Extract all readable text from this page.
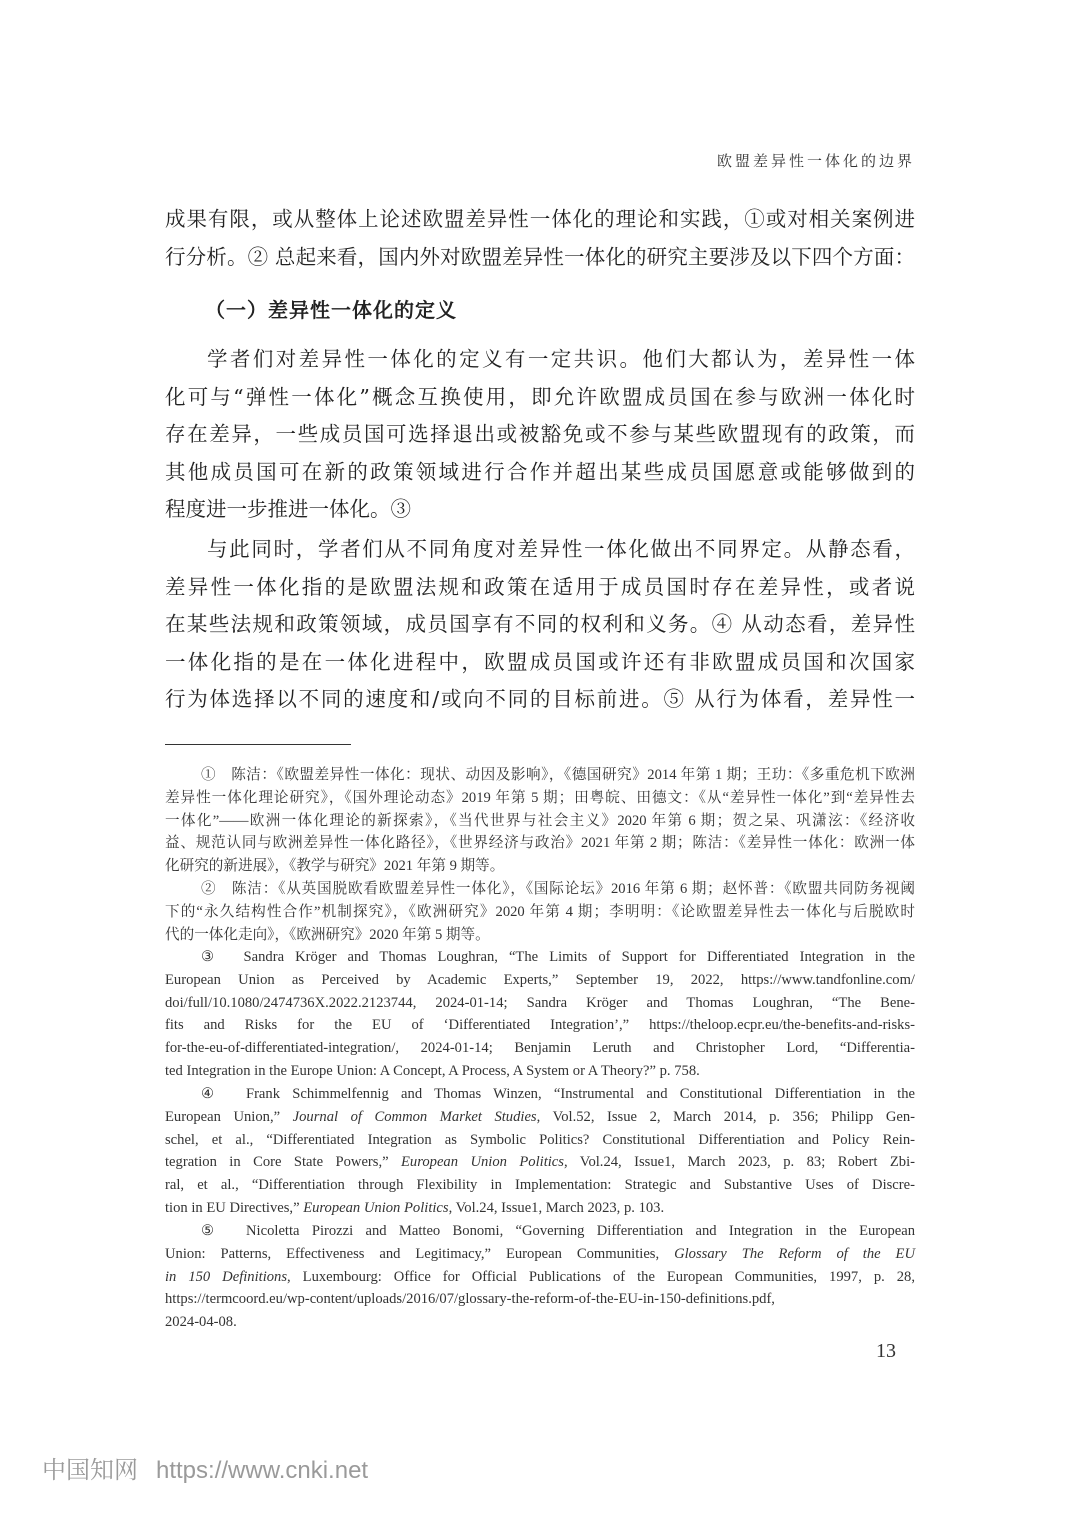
欧盟差异性一体化的边界
成果有限，或从整体上论述欧盟差异性一体化的理论和实践，①或对相关案例进
行分析。② 总起来看，国内外对欧盟差异性一体化的研究主要涉及以下四个方面：
（一）差异性一体化的定义
学者们对差异性一体化的定义有一定共识。他们大都认为，差异性一体
化可与“弹性一体化”概念互换使用，即允许欧盟成员国在参与欧洲一体化时
存在差异，一些成员国可选择退出或被豁免或不参与某些欧盟现有的政策，而
其他成员国可在新的政策领域进行合作并超出某些成员国愿意或能够做到的
程度进一步推进一体化。③
与此同时，学者们从不同角度对差异性一体化做出不同界定。从静态看，
差异性一体化指的是欧盟法规和政策在适用于成员国时存在差异性，或者说
在某些法规和政策领域，成员国享有不同的权利和义务。④ 从动态看，差异性
一体化指的是在一体化进程中，欧盟成员国或许还有非欧盟成员国和次国家
行为体选择以不同的速度和/或向不同的目标前进。⑤ 从行为体看，差异性一
①　陈洁：《欧盟差异性一体化：现状、动因及影响》，《德国研究》2014 年第 1 期；王玏：《多重危机下欧洲
差异性一体化理论研究》，《国外理论动态》2019 年第 5 期；田粤皖、田德文：《从“差异性一体化”到“差异性去
一体化”——欧洲一体化理论的新探索》，《当代世界与社会主义》2020 年第 6 期；贺之杲、巩潇泫：《经济收
益、规范认同与欧洲差异性一体化路径》，《世界经济与政治》2021 年第 2 期；陈洁：《差异性一体化：欧洲一体
化研究的新进展》，《教学与研究》2021 年第 9 期等。
②　陈洁：《从英国脱欧看欧盟差异性一体化》，《国际论坛》2016 年第 6 期；赵怀普：《欧盟共同防务视阈
下的“永久结构性合作”机制探究》，《欧洲研究》2020 年第 4 期；李明明：《论欧盟差异性去一体化与后脱欧时
代的一体化走向》，《欧洲研究》2020 年第 5 期等。
③　Sandra Kröger and Thomas Loughran, “The Limits of Support for Differentiated Integration in the
European Union as Perceived by Academic Experts,” September 19, 2022, https://www.tandfonline.com/
doi/full/10.1080/2474736X.2022.2123744, 2024-01-14; Sandra Kröger and Thomas Loughran, “The Bene-
fits and Risks for the EU of ‘Differentiated Integration’,” https://theloop.ecpr.eu/the-benefits-and-risks-
for-the-eu-of-differentiated-integration/, 2024-01-14; Benjamin Leruth and Christopher Lord, “Differentia-
ted Integration in the Europe Union: A Concept, A Process, A System or A Theory?” p. 758.
④　Frank Schimmelfennig and Thomas Winzen, “Instrumental and Constitutional Differentiation in the
European Union,” Journal of Common Market Studies, Vol.52, Issue 2, March 2014, p. 356; Philipp Gen-
schel, et al., “Differentiated Integration as Symbolic Politics? Constitutional Differentiation and Policy Rein-
tegration in Core State Powers,” European Union Politics, Vol.24, Issue1, March 2023, p. 83; Robert Zbi-
ral, et al., “Differentiation through Flexibility in Implementation: Strategic and Substantive Uses of Discre-
tion in EU Directives,” European Union Politics, Vol.24, Issue1, March 2023, p. 103.
⑤　Nicoletta Pirozzi and Matteo Bonomi, “Governing Differentiation and Integration in the European
Union: Patterns, Effectiveness and Legitimacy,” European Communities, Glossary The Reform of the EU
in 150 Definitions, Luxembourg: Office for Official Publications of the European Communities, 1997, p. 28,
https://termcoord.eu/wp-content/uploads/2016/07/glossary-the-reform-of-the-EU-in-150-definitions.pdf,
2024-04-08.
13
中国知网 https://www.cnki.net
